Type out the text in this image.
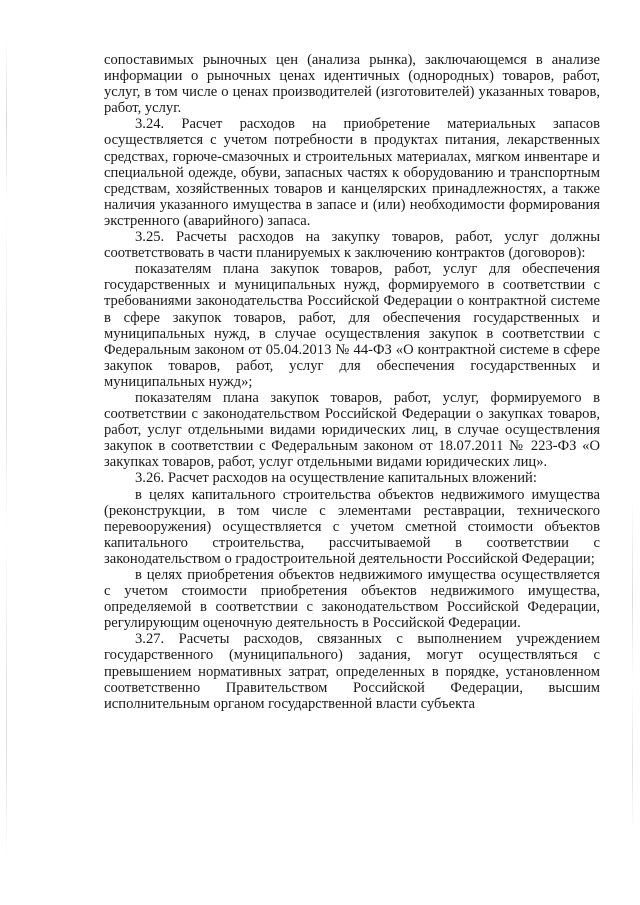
сопоставимых рыночных цен (анализа рынка), заключающемся в анализе информации о рыночных ценах идентичных (однородных) товаров, работ, услуг, в том числе о ценах производителей (изготовителей) указанных товаров, работ, услуг.

3.24. Расчет расходов на приобретение материальных запасов осуществляется с учетом потребности в продуктах питания, лекарственных средствах, горюче-смазочных и строительных материалах, мягком инвентаре и специальной одежде, обуви, запасных частях к оборудованию и транспортным средствам, хозяйственных товаров и канцелярских принадлежностях, а также наличия указанного имущества в запасе и (или) необходимости формирования экстренного (аварийного) запаса.

3.25. Расчеты расходов на закупку товаров, работ, услуг должны соответствовать в части планируемых к заключению контрактов (договоров):

показателям плана закупок товаров, работ, услуг для обеспечения государственных и муниципальных нужд, формируемого в соответствии с требованиями законодательства Российской Федерации о контрактной системе в сфере закупок товаров, работ, для обеспечения государственных и муниципальных нужд, в случае осуществления закупок в соответствии с Федеральным законом от 05.04.2013 № 44-ФЗ «О контрактной системе в сфере закупок товаров, работ, услуг для обеспечения государственных и муниципальных нужд»;

показателям плана закупок товаров, работ, услуг, формируемого в соответствии с законодательством Российской Федерации о закупках товаров, работ, услуг отдельными видами юридических лиц, в случае осуществления закупок в соответствии с Федеральным законом от 18.07.2011 № 223-ФЗ «О закупках товаров, работ, услуг отдельными видами юридических лиц».

3.26. Расчет расходов на осуществление капитальных вложений:

в целях капитального строительства объектов недвижимого имущества (реконструкции, в том числе с элементами реставрации, технического перевооружения) осуществляется с учетом сметной стоимости объектов капитального строительства, рассчитываемой в соответствии с законодательством о градостроительной деятельности Российской Федерации;

в целях приобретения объектов недвижимого имущества осуществляется с учетом стоимости приобретения объектов недвижимого имущества, определяемой в соответствии с законодательством Российской Федерации, регулирующим оценочную деятельность в Российской Федерации.

3.27. Расчеты расходов, связанных с выполнением учреждением государственного (муниципального) задания, могут осуществляться с превышением нормативных затрат, определенных в порядке, установленном соответственно Правительством Российской Федерации, высшим исполнительным органом государственной власти субъекта
